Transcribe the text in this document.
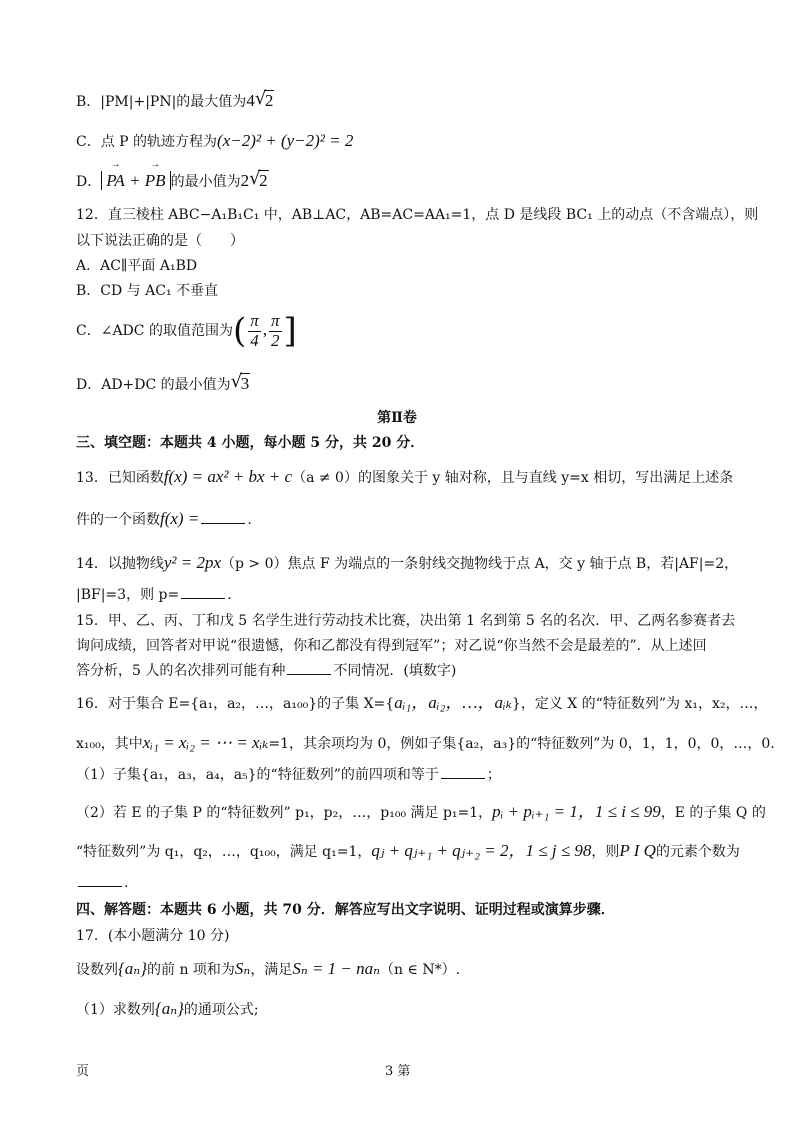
B．|PM|+|PN|的最大值为4 √
2
C．点 P 的轨迹方程为(x−2)² + (y−2)² = 2
D．→ PA + → PB 的最小值为2 √
2
12．直三棱柱 ABC−A₁B₁C₁ 中，AB⊥AC，AB=AC=AA₁=1，点 D 是线段 BC₁ 上的动点（不含端点），则
以下说法正确的是（　　）
A．AC∥平面 A₁BD
B．CD 与 AC₁ 不垂直
C．∠ADC 的取值范围为( $\frac{\pi}{4}$ , $\frac{\pi}{2}$ ]
D．AD+DC 的最小值为 √
3
第Ⅱ卷
三、填空题：本题共 4 小题，每小题 5 分，共 20 分．
13．已知函数f(x) = ax² + bx + c（a ≠ 0）的图象关于 y 轴对称，且与直线 y=x 相切，写出满足上述条
件的一个函数f(x) =	.
14．以抛物线y² = 2px（p > 0）焦点 F 为端点的一条射线交抛物线于点 A，交 y 轴于点 B，若|AF|=2，
|BF|=3，则 p=	.
15．甲、乙、丙、丁和戊 5 名学生进行劳动技术比赛，决出第 1 名到第 5 名的名次．甲、乙两名参赛者去
询问成绩，回答者对甲说“很遗憾，你和乙都没有得到冠军”；对乙说“你当然不会是最差的”．从上述回
答分析，5 人的名次排列可能有种	不同情况．(填数字)
16．对于集合 E={a₁，a₂，…，a₁₀₀}的子集 X={aᵢ₁，aᵢ₂，…，aᵢₖ}，定义 X 的“特征数列”为 x₁，x₂，…，
x₁₀₀，其中xᵢ₁ = xᵢ₂ = ⋯ = xᵢₖ=1，其余项均为 0，例如子集{a₂，a₃}的“特征数列”为 0，1，1，0，0，…，0.
（1）子集{a₁，a₃，a₄，a₅}的“特征数列”的前四项和等于	；
（2）若 E 的子集 P 的“特征数列” p₁，p₂，…，p₁₀₀ 满足 p₁=1，pᵢ + pᵢ₊₁ = 1，1 ≤ i ≤ 99，E 的子集 Q 的
“特征数列”为 q₁，q₂，…，q₁₀₀，满足 q₁=1，qⱼ + qⱼ₊₁ + qⱼ₊₂ = 2，1 ≤ j ≤ 98，则P I Q的元素个数为
.
四、解答题：本题共 6 小题，共 70 分．解答应写出文字说明、证明过程或演算步骤．
17．(本小题满分 10 分)
设数列{aₙ}的前 n 项和为Sₙ，满足Sₙ = 1 − naₙ（n ∈ N*）.
（1）求数列{aₙ}的通项公式;
页	3 第
